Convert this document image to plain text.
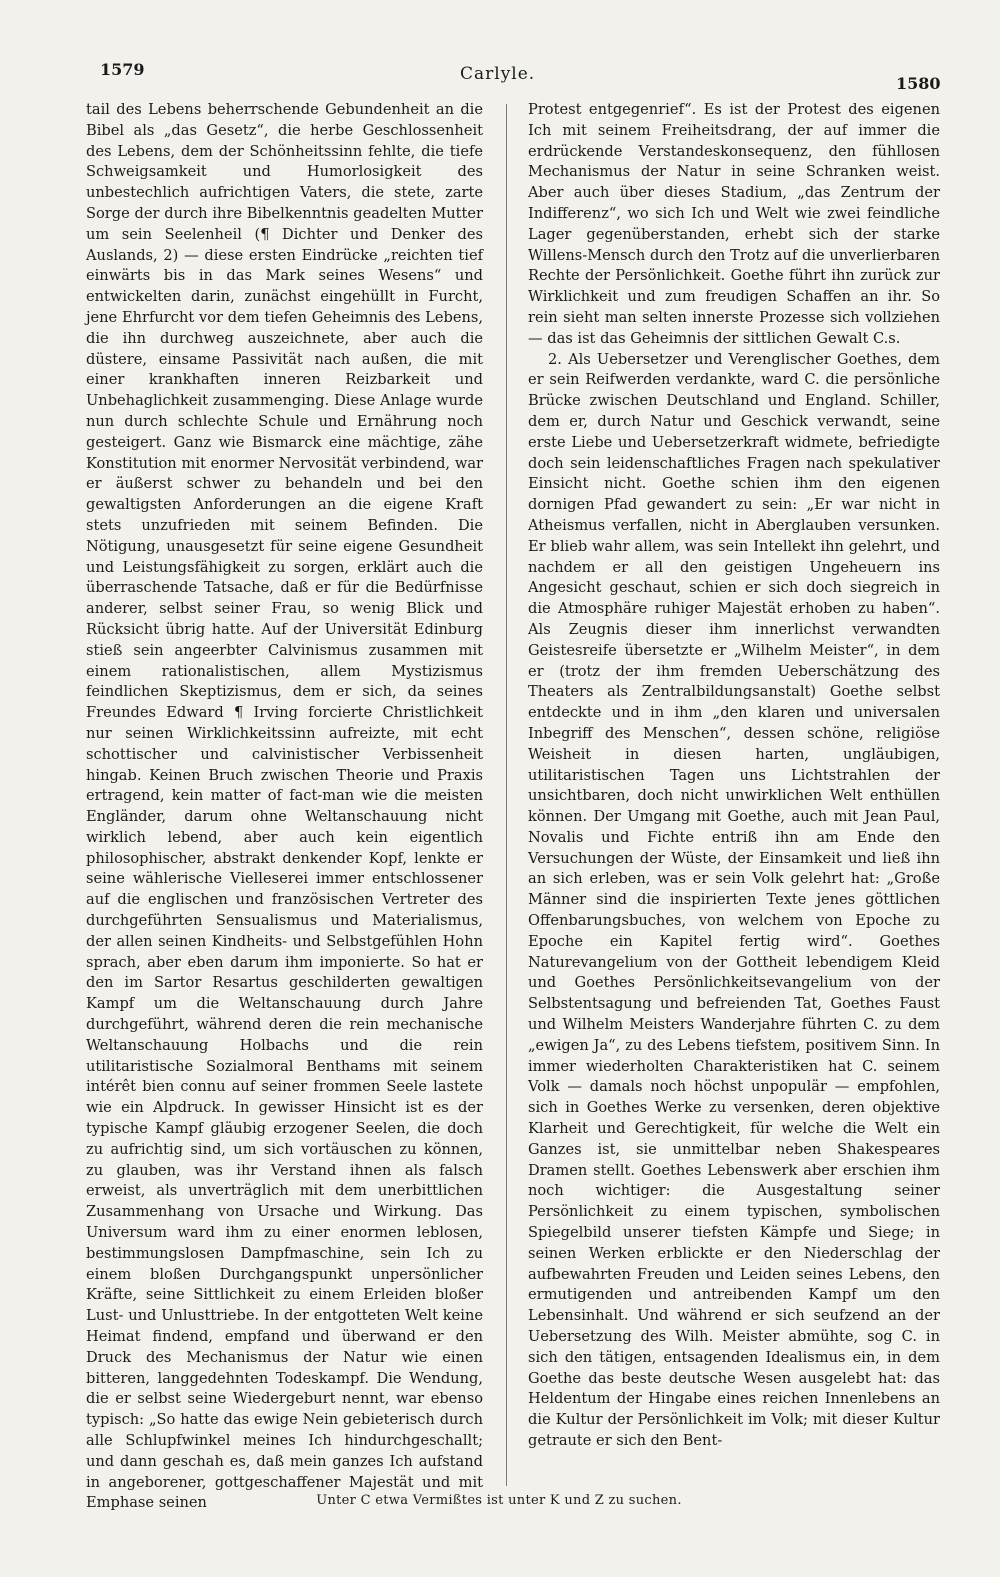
1579	Carlyle.	1580

tail des Lebens beherrschende Gebundenheit an die Bibel als „das Gesetz“, die herbe Geschlossenheit des Lebens, dem der Schönheitssinn fehlte, die tiefe Schweigsamkeit und Humorlosigkeit des unbestechlich aufrichtigen Vaters, die stete, zarte Sorge der durch ihre Bibelkenntnis geadelten Mutter um sein Seelenheil (¶ Dichter und Denker des Auslands, 2) — diese ersten Eindrücke „reichten tief einwärts bis in das Mark seines Wesens“ und entwickelten darin, zunächst eingehüllt in Furcht, jene Ehrfurcht vor dem tiefen Geheimnis des Lebens, die ihn durchweg auszeichnete, aber auch die düstere, einsame Passivität nach außen, die mit einer krankhaften inneren Reizbarkeit und Unbehaglichkeit zusammenging. Diese Anlage wurde nun durch schlechte Schule und Ernährung noch gesteigert. Ganz wie Bismarck eine mächtige, zähe Konstitution mit enormer Nervosität verbindend, war er äußerst schwer zu behandeln und bei den gewaltigsten Anforderungen an die eigene Kraft stets unzufrieden mit seinem Befinden. Die Nötigung, unausgesetzt für seine eigene Gesundheit und Leistungsfähigkeit zu sorgen, erklärt auch die überraschende Tatsache, daß er für die Bedürfnisse anderer, selbst seiner Frau, so wenig Blick und Rücksicht übrig hatte. Auf der Universität Edinburg stieß sein angeerbter Calvinismus zusammen mit einem rationalistischen, allem Mystizismus feindlichen Skeptizismus, dem er sich, da seines Freundes Edward ¶ Irving forcierte Christlichkeit nur seinen Wirklichkeitssinn aufreizte, mit echt schottischer und calvinistischer Verbissenheit hingab. Keinen Bruch zwischen Theorie und Praxis ertragend, kein matter of fact-man wie die meisten Engländer, darum ohne Weltanschauung nicht wirklich lebend, aber auch kein eigentlich philosophischer, abstrakt denkender Kopf, lenkte er seine wählerische Vielleserei immer entschlossener auf die englischen und französischen Vertreter des durchgeführten Sensualismus und Materialismus, der allen seinen Kindheits- und Selbstgefühlen Hohn sprach, aber eben darum ihm imponierte. So hat er den im Sartor Resartus geschilderten gewaltigen Kampf um die Weltanschauung durch Jahre durchgeführt, während deren die rein mechanische Weltanschauung Holbachs und die rein utilitaristische Sozialmoral Benthams mit seinem intérêt bien connu auf seiner frommen Seele lastete wie ein Alpdruck. In gewisser Hinsicht ist es der typische Kampf gläubig erzogener Seelen, die doch zu aufrichtig sind, um sich vortäuschen zu können, zu glauben, was ihr Verstand ihnen als falsch erweist, als unverträglich mit dem unerbittlichen Zusammenhang von Ursache und Wirkung. Das Universum ward ihm zu einer enormen leblosen, bestimmungslosen Dampfmaschine, sein Ich zu einem bloßen Durchgangspunkt unpersönlicher Kräfte, seine Sittlichkeit zu einem Erleiden bloßer Lust- und Unlusttriebe. In der entgotteten Welt keine Heimat findend, empfand und überwand er den Druck des Mechanismus der Natur wie einen bitteren, langgedehnten Todeskampf. Die Wendung, die er selbst seine Wiedergeburt nennt, war ebenso typisch: „So hatte das ewige Nein gebieterisch durch alle Schlupfwinkel meines Ich hindurchgeschallt; und dann geschah es, daß mein ganzes Ich aufstand in angeborener, gottgeschaffener Majestät und mit Emphase seinen

Protest entgegenrief“. Es ist der Protest des eigenen Ich mit seinem Freiheitsdrang, der auf immer die erdrückende Verstandeskonsequenz, den fühllosen Mechanismus der Natur in seine Schranken weist. Aber auch über dieses Stadium, „das Zentrum der Indifferenz“, wo sich Ich und Welt wie zwei feindliche Lager gegenüberstanden, erhebt sich der starke Willens-Mensch durch den Trotz auf die unverlierbaren Rechte der Persönlichkeit. Goethe führt ihn zurück zur Wirklichkeit und zum freudigen Schaffen an ihr. So rein sieht man selten innerste Prozesse sich vollziehen — das ist das Geheimnis der sittlichen Gewalt C.s.

2. Als Uebersetzer und Verenglischer Goethes, dem er sein Reifwerden verdankte, ward C. die persönliche Brücke zwischen Deutschland und England. Schiller, dem er, durch Natur und Geschick verwandt, seine erste Liebe und Uebersetzerkraft widmete, befriedigte doch sein leidenschaftliches Fragen nach spekulativer Einsicht nicht. Goethe schien ihm den eigenen dornigen Pfad gewandert zu sein: „Er war nicht in Atheismus verfallen, nicht in Aberglauben versunken. Er blieb wahr allem, was sein Intellekt ihn gelehrt, und nachdem er all den geistigen Ungeheuern ins Angesicht geschaut, schien er sich doch siegreich in die Atmosphäre ruhiger Majestät erhoben zu haben“. Als Zeugnis dieser ihm innerlichst verwandten Geistesreife übersetzte er „Wilhelm Meister“, in dem er (trotz der ihm fremden Ueberschätzung des Theaters als Zentralbildungsanstalt) Goethe selbst entdeckte und in ihm „den klaren und universalen Inbegriff des Menschen“, dessen schöne, religiöse Weisheit in diesen harten, ungläubigen, utilitaristischen Tagen uns Lichtstrahlen der unsichtbaren, doch nicht unwirklichen Welt enthüllen können. Der Umgang mit Goethe, auch mit Jean Paul, Novalis und Fichte entriß ihn am Ende den Versuchungen der Wüste, der Einsamkeit und ließ ihn an sich erleben, was er sein Volk gelehrt hat: „Große Männer sind die inspirierten Texte jenes göttlichen Offenbarungsbuches, von welchem von Epoche zu Epoche ein Kapitel fertig wird“. Goethes Naturevangelium von der Gottheit lebendigem Kleid und Goethes Persönlichkeitsevangelium von der Selbstentsagung und befreienden Tat, Goethes Faust und Wilhelm Meisters Wanderjahre führten C. zu dem „ewigen Ja“, zu des Lebens tiefstem, positivem Sinn. In immer wiederholten Charakteristiken hat C. seinem Volk — damals noch höchst unpopulär — empfohlen, sich in Goethes Werke zu versenken, deren objektive Klarheit und Gerechtigkeit, für welche die Welt ein Ganzes ist, sie unmittelbar neben Shakespeares Dramen stellt. Goethes Lebenswerk aber erschien ihm noch wichtiger: die Ausgestaltung seiner Persönlichkeit zu einem typischen, symbolischen Spiegelbild unserer tiefsten Kämpfe und Siege; in seinen Werken erblickte er den Niederschlag der aufbewahrten Freuden und Leiden seines Lebens, den ermutigenden und antreibenden Kampf um den Lebensinhalt. Und während er sich seufzend an der Uebersetzung des Wilh. Meister abmühte, sog C. in sich den tätigen, entsagenden Idealismus ein, in dem Goethe das beste deutsche Wesen ausgelebt hat: das Heldentum der Hingabe eines reichen Innenlebens an die Kultur der Persönlichkeit im Volk; mit dieser Kultur getraute er sich den Bent-

Unter C etwa Vermißtes ist unter K und Z zu suchen.
